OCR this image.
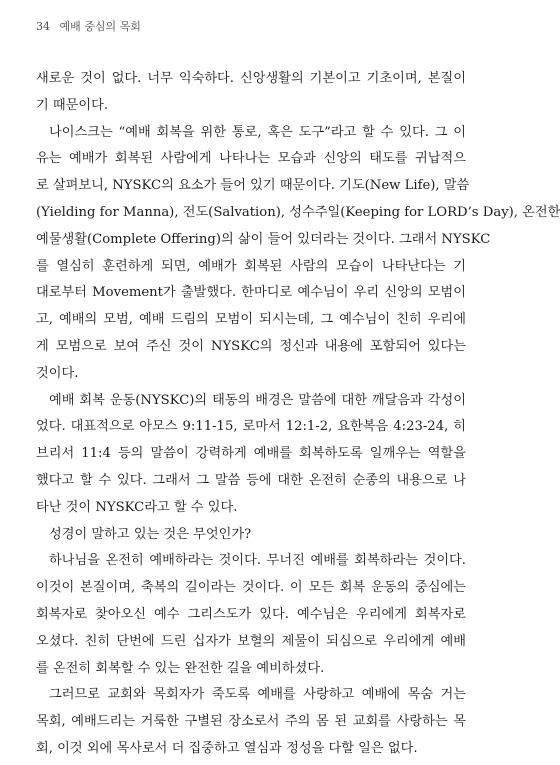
34 예배 중심의 목회
새로운 것이 없다. 너무 익숙하다. 신앙생활의 기본이고 기초이며, 본질이
기 때문이다.
나이스크는 “예배 회복을 위한 통로, 혹은 도구”라고 할 수 있다. 그 이
유는 예배가 회복된 사람에게 나타나는 모습과 신앙의 태도를 귀납적으
로 살펴보니, NYSKC의 요소가 들어 있기 때문이다. 기도(New Life), 말씀
(Yielding for Manna), 전도(Salvation), 성수주일(Keeping for LORD’s Day), 온전한
예물생활(Complete Offering)의 삶이 들어 있더라는 것이다. 그래서 NYSKC
를 열심히 훈련하게 되면, 예배가 회복된 사람의 모습이 나타난다는 기
대로부터 Movement가 출발했다. 한마디로 예수님이 우리 신앙의 모범이
고, 예배의 모범, 예배 드림의 모범이 되시는데, 그 예수님이 친히 우리에
게 모범으로 보여 주신 것이 NYSKC의 정신과 내용에 포함되어 있다는
것이다.
예배 회복 운동(NYSKC)의 태동의 배경은 말씀에 대한 깨달음과 각성이
었다. 대표적으로 아모스 9:11-15, 로마서 12:1-2, 요한복음 4:23-24, 히
브리서 11:4 등의 말씀이 강력하게 예배를 회복하도록 일깨우는 역할을
했다고 할 수 있다. 그래서 그 말씀 등에 대한 온전히 순종의 내용으로 나
타난 것이 NYSKC라고 할 수 있다.
성경이 말하고 있는 것은 무엇인가?
하나님을 온전히 예배하라는 것이다. 무너진 예배를 회복하라는 것이다.
이것이 본질이며, 축복의 길이라는 것이다. 이 모든 회복 운동의 중심에는
회복자로 찾아오신 예수 그리스도가 있다. 예수님은 우리에게 회복자로
오셨다. 친히 단번에 드린 십자가 보혈의 제물이 되심으로 우리에게 예배
를 온전히 회복할 수 있는 완전한 길을 예비하셨다.
그러므로 교회와 목회자가 죽도록 예배를 사랑하고 예배에 목숨 거는
목회, 예배드리는 거룩한 구별된 장소로서 주의 몸 된 교회를 사랑하는 목
회, 이것 외에 목사로서 더 집중하고 열심과 정성을 다할 일은 없다.
